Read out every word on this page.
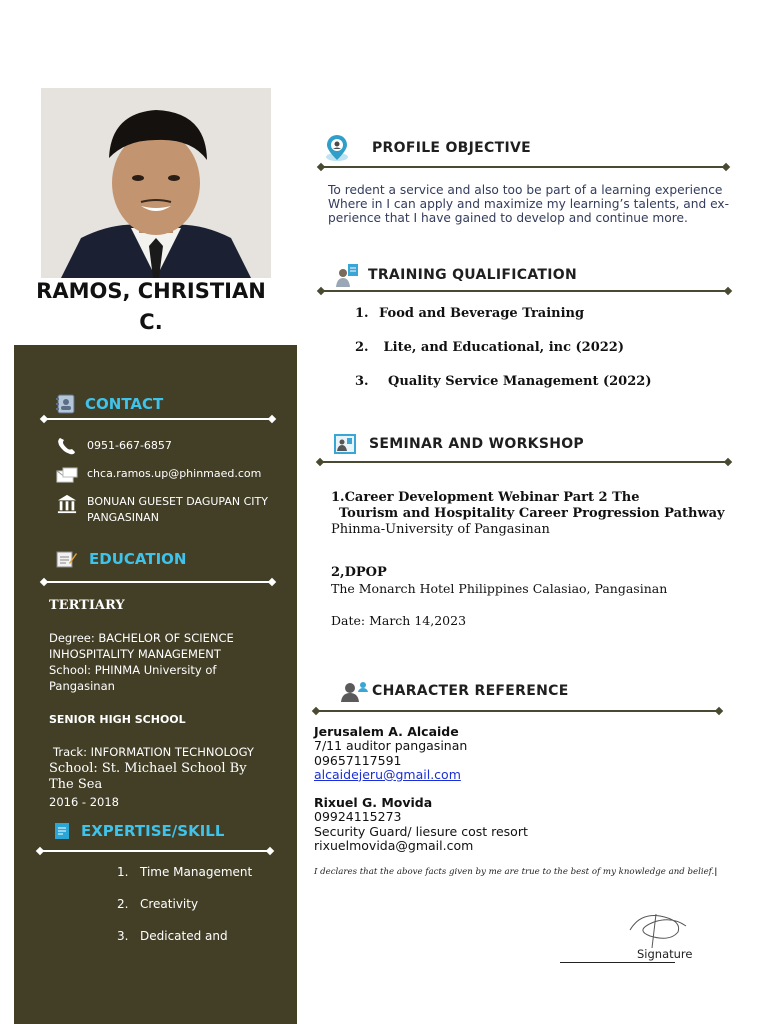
RAMOS, CHRISTIAN
C.
CONTACT
0951-667-6857
chca.ramos.up@phinmaed.com
BONUAN GUESET DAGUPAN CITY
PANGASINAN
EDUCATION
TERTIARY
Degree: BACHELOR OF SCIENCE
INHOSPITALITY MANAGEMENT
School: PHINMA University of
Pangasinan
SENIOR HIGH SCHOOL
Track: INFORMATION TECHNOLOGY
School: St. Michael School By
The Sea
2016 - 2018
EXPERTISE/SKILL
1. Time Management
2. Creativity
3. Dedicated and
PROFILE OBJECTIVE
To redent a service and also too be part of a learning experience
Where in I can apply and maximize my learning’s talents, and ex-
perience that I have gained to develop and continue more.
TRAINING QUALIFICATION
1. Food and Beverage Training
2. Lite, and Educational, inc (2022)
3. Quality Service Management (2022)
SEMINAR AND WORKSHOP
1.Career Development Webinar Part 2 The
Tourism and Hospitality Career Progression Pathway
Phinma-University of Pangasinan
2,DPOP
The Monarch Hotel Philippines Calasiao, Pangasinan
Date: March 14,2023
CHARACTER REFERENCE
Jerusalem A. Alcaide
7/11 auditor pangasinan
09657117591
alcaidejeru@gmail.com
Rixuel G. Movida
09924115273
Security Guard/ liesure cost resort
rixuelmovida@gmail.com
I declares that the above facts given by me are true to the best of my knowledge and belief.|
Signature
